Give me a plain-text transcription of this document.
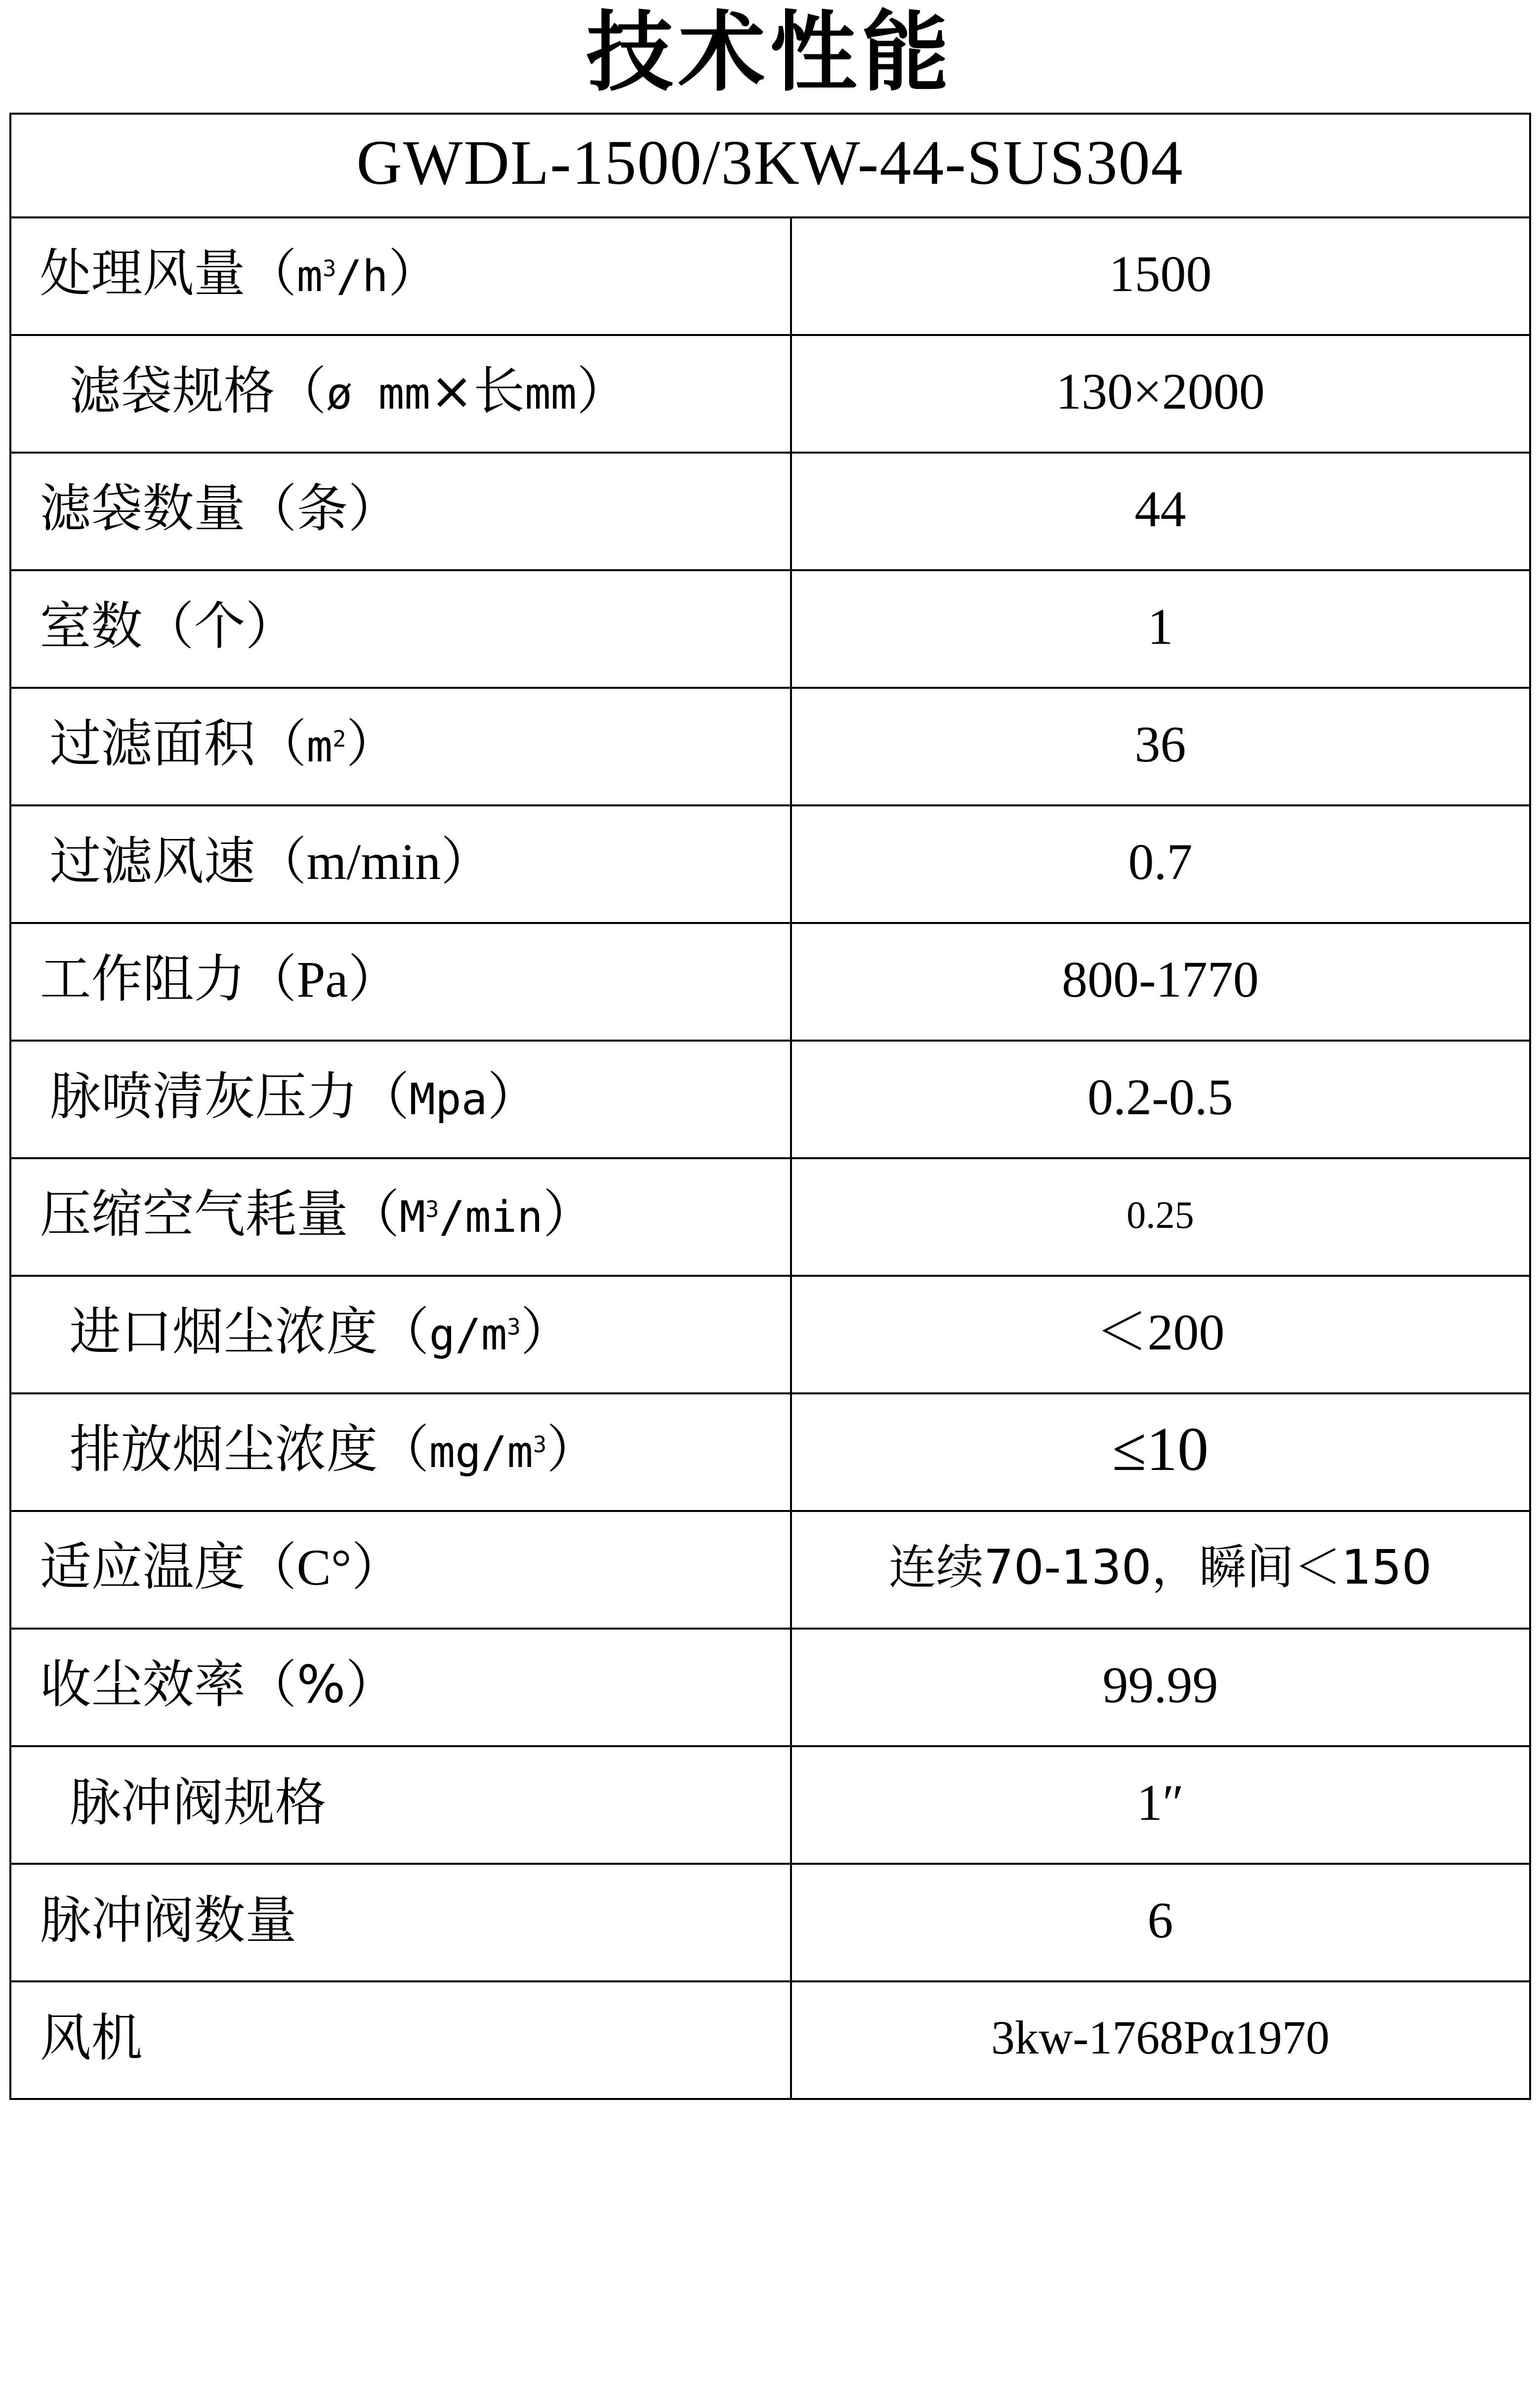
技术性能
GWDL-1500/3KW-44-SUS304	
处理风量$(m^3/h)$	1500
滤袋规格（ø mm×长mm）	130×2000
滤袋数量（条）	44
室数（个）	1
过滤面积$(m^2)$	36
过滤风速（m/min）	0.7
工作阻力（Pa）	800-1770
脉喷清灰压力（Mpa）	0.2-0.5
压缩空气耗量$(M^3/\min)$	0.25
进口烟尘浓度$(g/m^3)$	＜200
排放烟尘浓度$(mg/m^3)$	≤10
适应温度（C°）	连续70-130，瞬间＜150
收尘效率（%）	99.99
脉冲阀规格	1″
脉冲阀数量	6
风机	3kw-1768Pα1970
